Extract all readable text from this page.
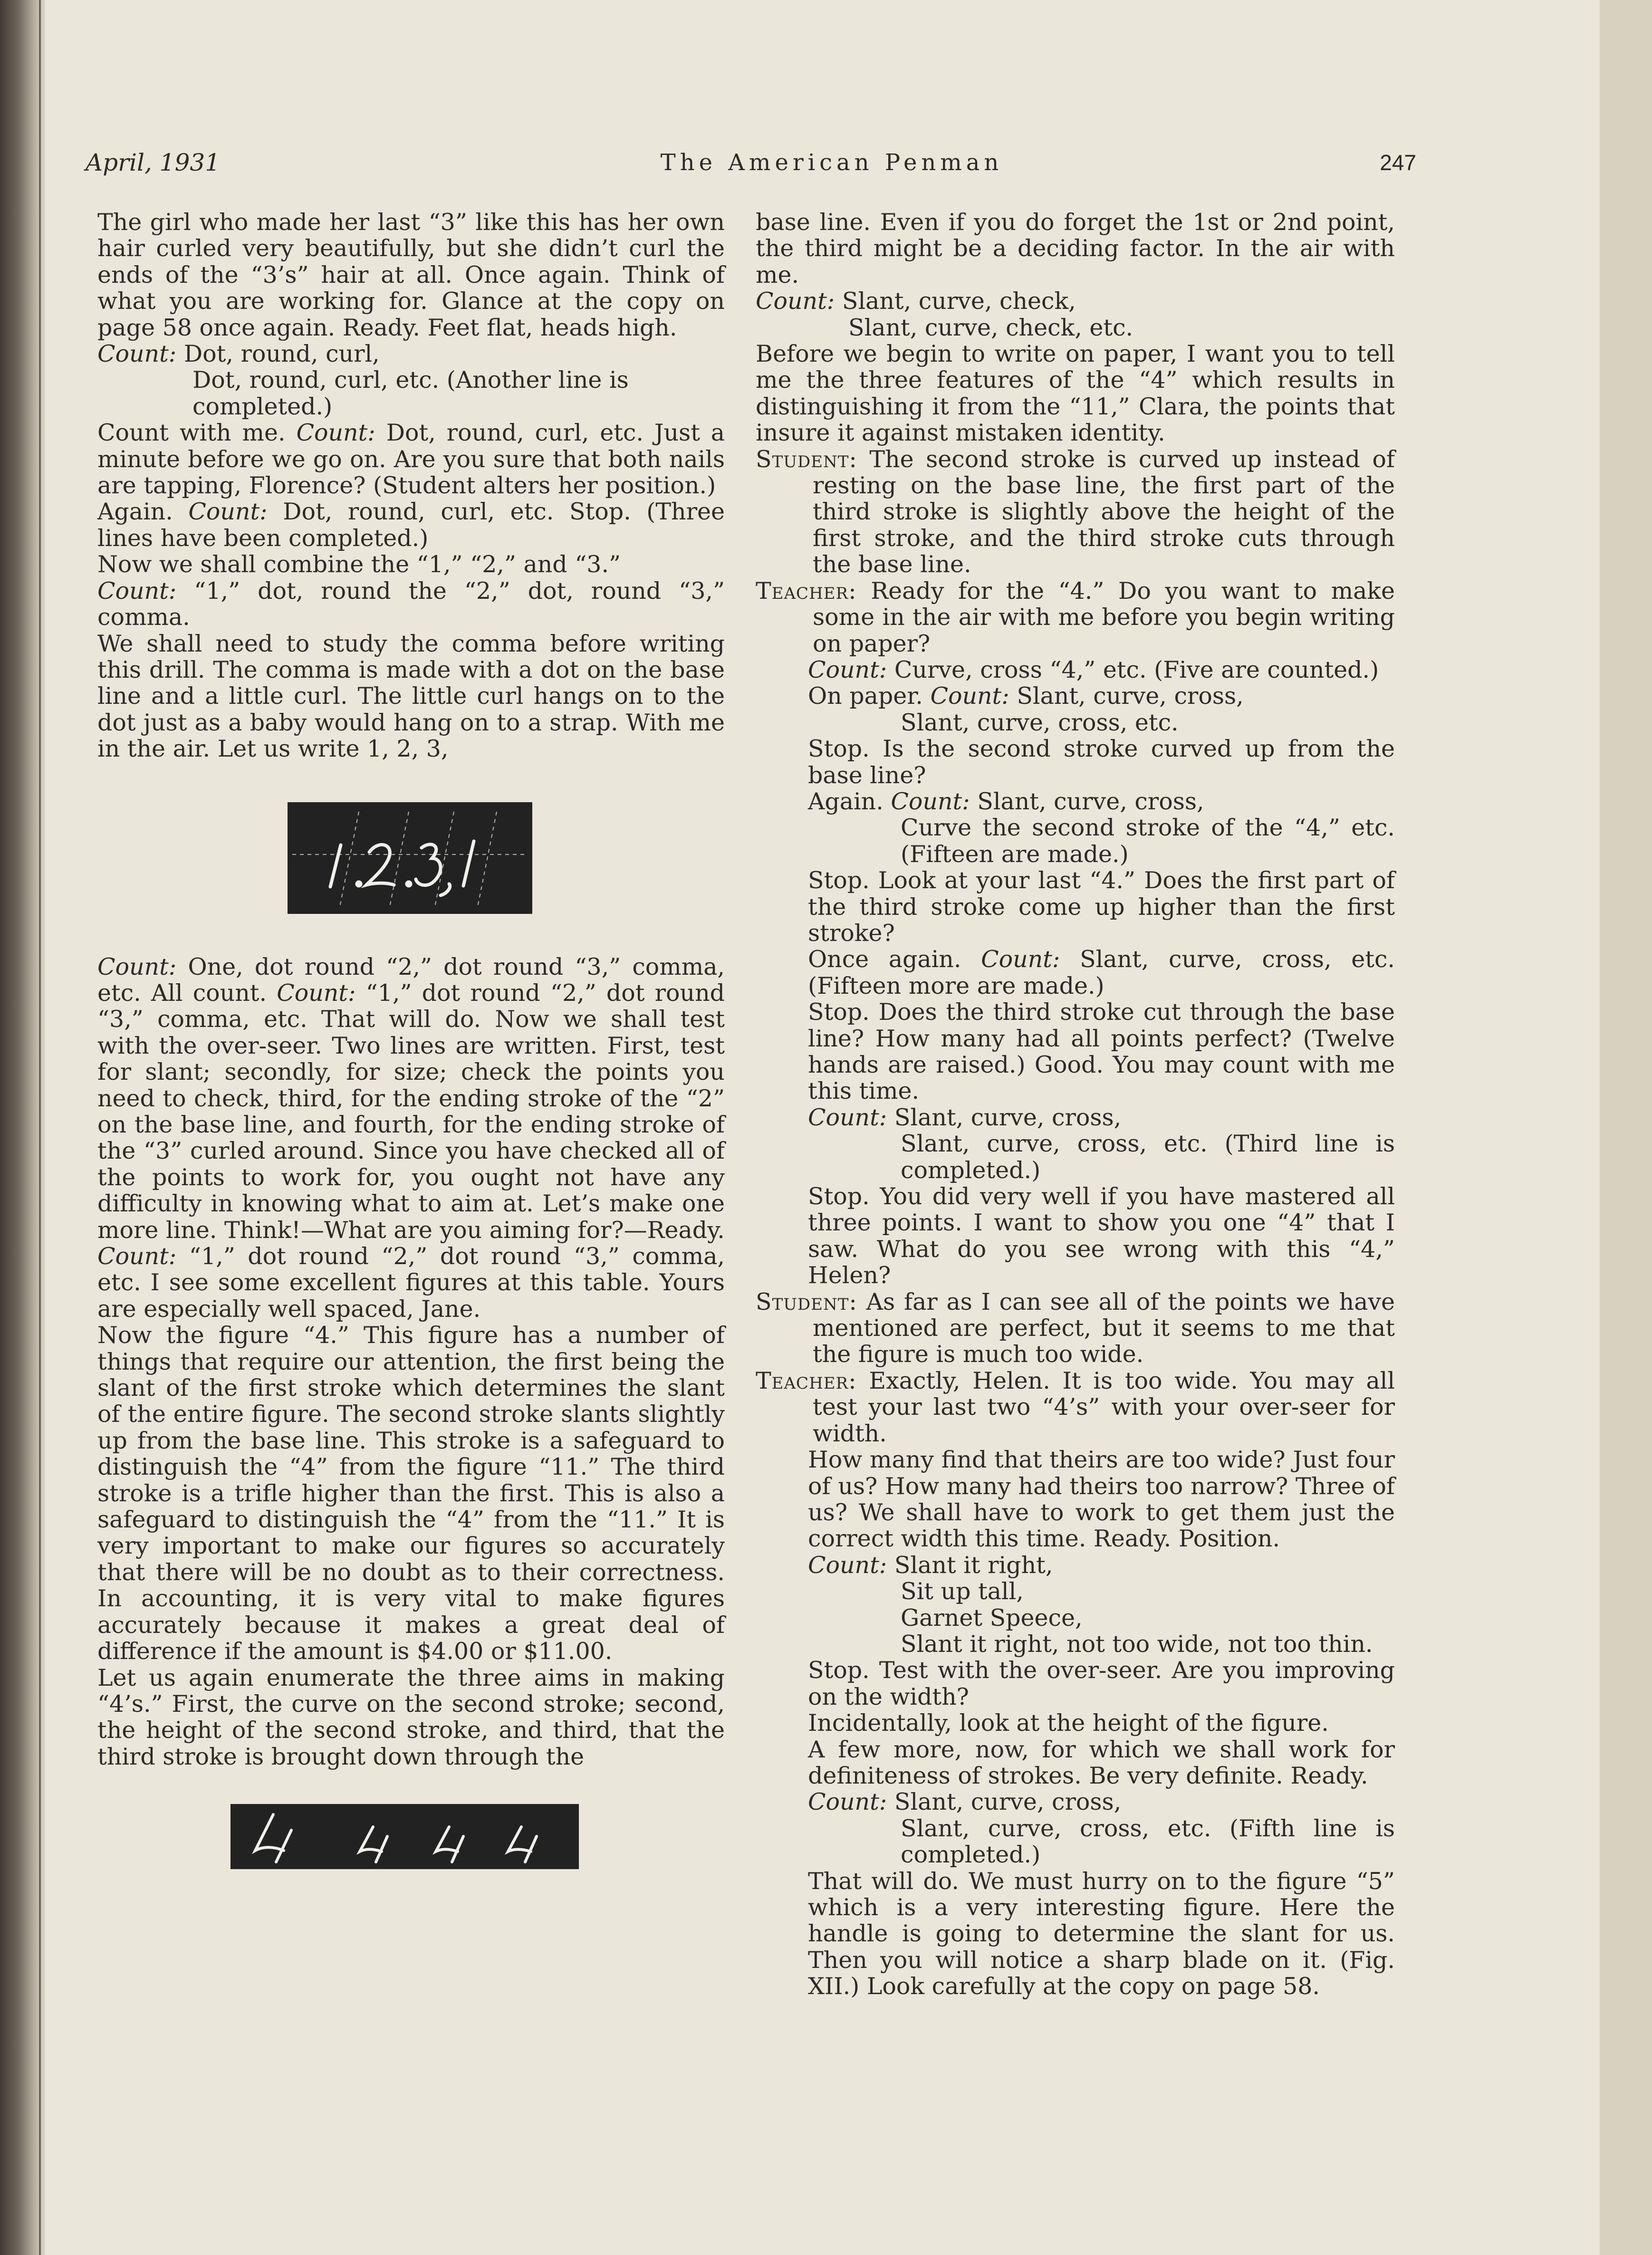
April, 1931	The American Penman	247

The girl who made her last “3” like this has her own hair curled very beautifully, but she didn’t curl the ends of the “3’s” hair at all. Once again. Think of what you are working for. Glance at the copy on page 58 once again. Ready. Feet flat, heads high.

Count: Dot, round, curl,

Dot, round, curl, etc. (Another line is completed.)

Count with me. Count: Dot, round, curl, etc. Just a minute before we go on. Are you sure that both nails are tapping, Florence? (Student alters her position.)

Again. Count: Dot, round, curl, etc. Stop. (Three lines have been completed.)

Now we shall combine the “1,” “2,” and “3.”

Count: “1,” dot, round the “2,” dot, round “3,” comma.

We shall need to study the comma before writing this drill. The comma is made with a dot on the base line and a little curl. The little curl hangs on to the dot just as a baby would hang on to a strap. With me in the air. Let us write 1, 2, 3,

Count: One, dot round “2,” dot round “3,” comma, etc. All count. Count: “1,” dot round “2,” dot round “3,” comma, etc. That will do. Now we shall test with the over-seer. Two lines are written. First, test for slant; secondly, for size; check the points you need to check, third, for the ending stroke of the “2” on the base line, and fourth, for the ending stroke of the “3” curled around. Since you have checked all of the points to work for, you ought not have any difficulty in knowing what to aim at. Let’s make one more line. Think!—What are you aiming for?—Ready.

Count: “1,” dot round “2,” dot round “3,” comma, etc. I see some excellent figures at this table. Yours are especially well spaced, Jane.

Now the figure “4.” This figure has a number of things that require our attention, the first being the slant of the first stroke which determines the slant of the entire figure. The second stroke slants slightly up from the base line. This stroke is a safeguard to distinguish the “4” from the figure “11.” The third stroke is a trifle higher than the first. This is also a safeguard to distinguish the “4” from the “11.” It is very important to make our figures so accurately that there will be no doubt as to their correctness. In accounting, it is very vital to make figures accurately because it makes a great deal of difference if the amount is $4.00 or $11.00.

Let us again enumerate the three aims in making “4’s.” First, the curve on the second stroke; second, the height of the second stroke, and third, that the third stroke is brought down through the

base line. Even if you do forget the 1st or 2nd point, the third might be a deciding factor. In the air with me.

Count: Slant, curve, check,

Slant, curve, check, etc.

Before we begin to write on paper, I want you to tell me the three features of the “4” which results in distinguishing it from the “11,” Clara, the points that insure it against mistaken identity.

Student: The second stroke is curved up instead of resting on the base line, the first part of the third stroke is slightly above the height of the first stroke, and the third stroke cuts through the base line.

Teacher: Ready for the “4.” Do you want to make some in the air with me before you begin writing on paper?

Count: Curve, cross “4,” etc. (Five are counted.)

On paper. Count: Slant, curve, cross,

Slant, curve, cross, etc.

Stop. Is the second stroke curved up from the base line?

Again. Count: Slant, curve, cross,

Curve the second stroke of the “4,” etc. (Fifteen are made.)

Stop. Look at your last “4.” Does the first part of the third stroke come up higher than the first stroke?

Once again. Count: Slant, curve, cross, etc. (Fifteen more are made.)

Stop. Does the third stroke cut through the base line? How many had all points perfect? (Twelve hands are raised.) Good. You may count with me this time.

Count: Slant, curve, cross,

Slant, curve, cross, etc. (Third line is completed.)

Stop. You did very well if you have mastered all three points. I want to show you one “4” that I saw. What do you see wrong with this “4,” Helen?

Student: As far as I can see all of the points we have mentioned are perfect, but it seems to me that the figure is much too wide.

Teacher: Exactly, Helen. It is too wide. You may all test your last two “4’s” with your over-seer for width.

How many find that theirs are too wide? Just four of us? How many had theirs too narrow? Three of us? We shall have to work to get them just the correct width this time. Ready. Position.

Count: Slant it right,

Sit up tall,

Garnet Speece,

Slant it right, not too wide, not too thin.

Stop. Test with the over-seer. Are you improving on the width?

Incidentally, look at the height of the figure.

A few more, now, for which we shall work for definiteness of strokes. Be very definite. Ready.

Count: Slant, curve, cross,

Slant, curve, cross, etc. (Fifth line is completed.)

That will do. We must hurry on to the figure “5” which is a very interesting figure. Here the handle is going to determine the slant for us. Then you will notice a sharp blade on it. (Fig. XII.) Look carefully at the copy on page 58.
